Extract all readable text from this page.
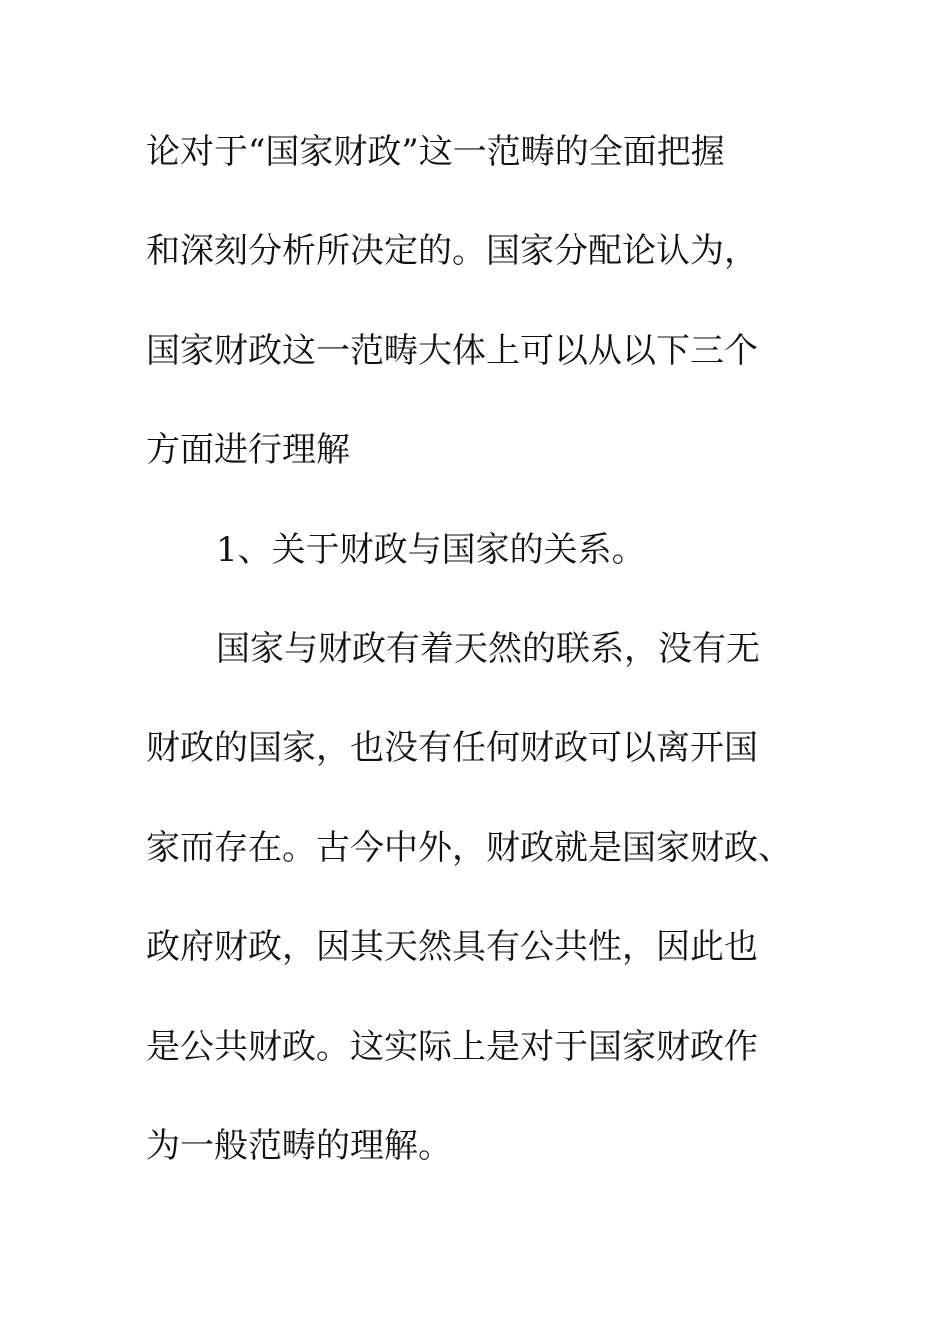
论对于“国家财政”这一范畴的全面把握
和深刻分析所决定的。国家分配论认为，
国家财政这一范畴大体上可以从以下三个
方面进行理解
1、关于财政与国家的关系。
国家与财政有着天然的联系，没有无
财政的国家，也没有任何财政可以离开国
家而存在。古今中外，财政就是国家财政、
政府财政，因其天然具有公共性，因此也
是公共财政。这实际上是对于国家财政作
为一般范畴的理解。
